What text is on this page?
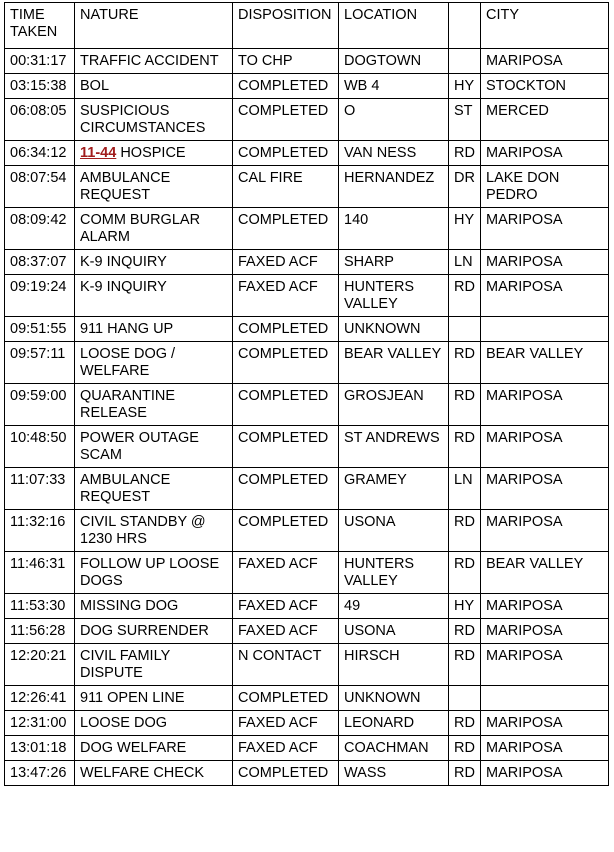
TIME TAKEN	NATURE	DISPOSITION	LOCATION		CITY
00:31:17	TRAFFIC ACCIDENT	TO CHP	DOGTOWN		MARIPOSA
03:15:38	BOL	COMPLETED	WB 4	HY	STOCKTON
06:08:05	SUSPICIOUS CIRCUMSTANCES	COMPLETED	O	ST	MERCED
06:34:12	11-44 HOSPICE	COMPLETED	VAN NESS	RD	MARIPOSA
08:07:54	AMBULANCE REQUEST	CAL FIRE	HERNANDEZ	DR	LAKE DON PEDRO
08:09:42	COMM BURGLAR ALARM	COMPLETED	140	HY	MARIPOSA
08:37:07	K-9 INQUIRY	FAXED ACF	SHARP	LN	MARIPOSA
09:19:24	K-9 INQUIRY	FAXED ACF	HUNTERS VALLEY	RD	MARIPOSA
09:51:55	911 HANG UP	COMPLETED	UNKNOWN		
09:57:11	LOOSE DOG / WELFARE	COMPLETED	BEAR VALLEY	RD	BEAR VALLEY
09:59:00	QUARANTINE RELEASE	COMPLETED	GROSJEAN	RD	MARIPOSA
10:48:50	POWER OUTAGE SCAM	COMPLETED	ST ANDREWS	RD	MARIPOSA
11:07:33	AMBULANCE REQUEST	COMPLETED	GRAMEY	LN	MARIPOSA
11:32:16	CIVIL STANDBY @ 1230 HRS	COMPLETED	USONA	RD	MARIPOSA
11:46:31	FOLLOW UP LOOSE DOGS	FAXED ACF	HUNTERS VALLEY	RD	BEAR VALLEY
11:53:30	MISSING DOG	FAXED ACF	49	HY	MARIPOSA
11:56:28	DOG SURRENDER	FAXED ACF	USONA	RD	MARIPOSA
12:20:21	CIVIL FAMILY DISPUTE	N CONTACT	HIRSCH	RD	MARIPOSA
12:26:41	911 OPEN LINE	COMPLETED	UNKNOWN		
12:31:00	LOOSE DOG	FAXED ACF	LEONARD	RD	MARIPOSA
13:01:18	DOG WELFARE	FAXED ACF	COACHMAN	RD	MARIPOSA
13:47:26	WELFARE CHECK	COMPLETED	WASS	RD	MARIPOSA
